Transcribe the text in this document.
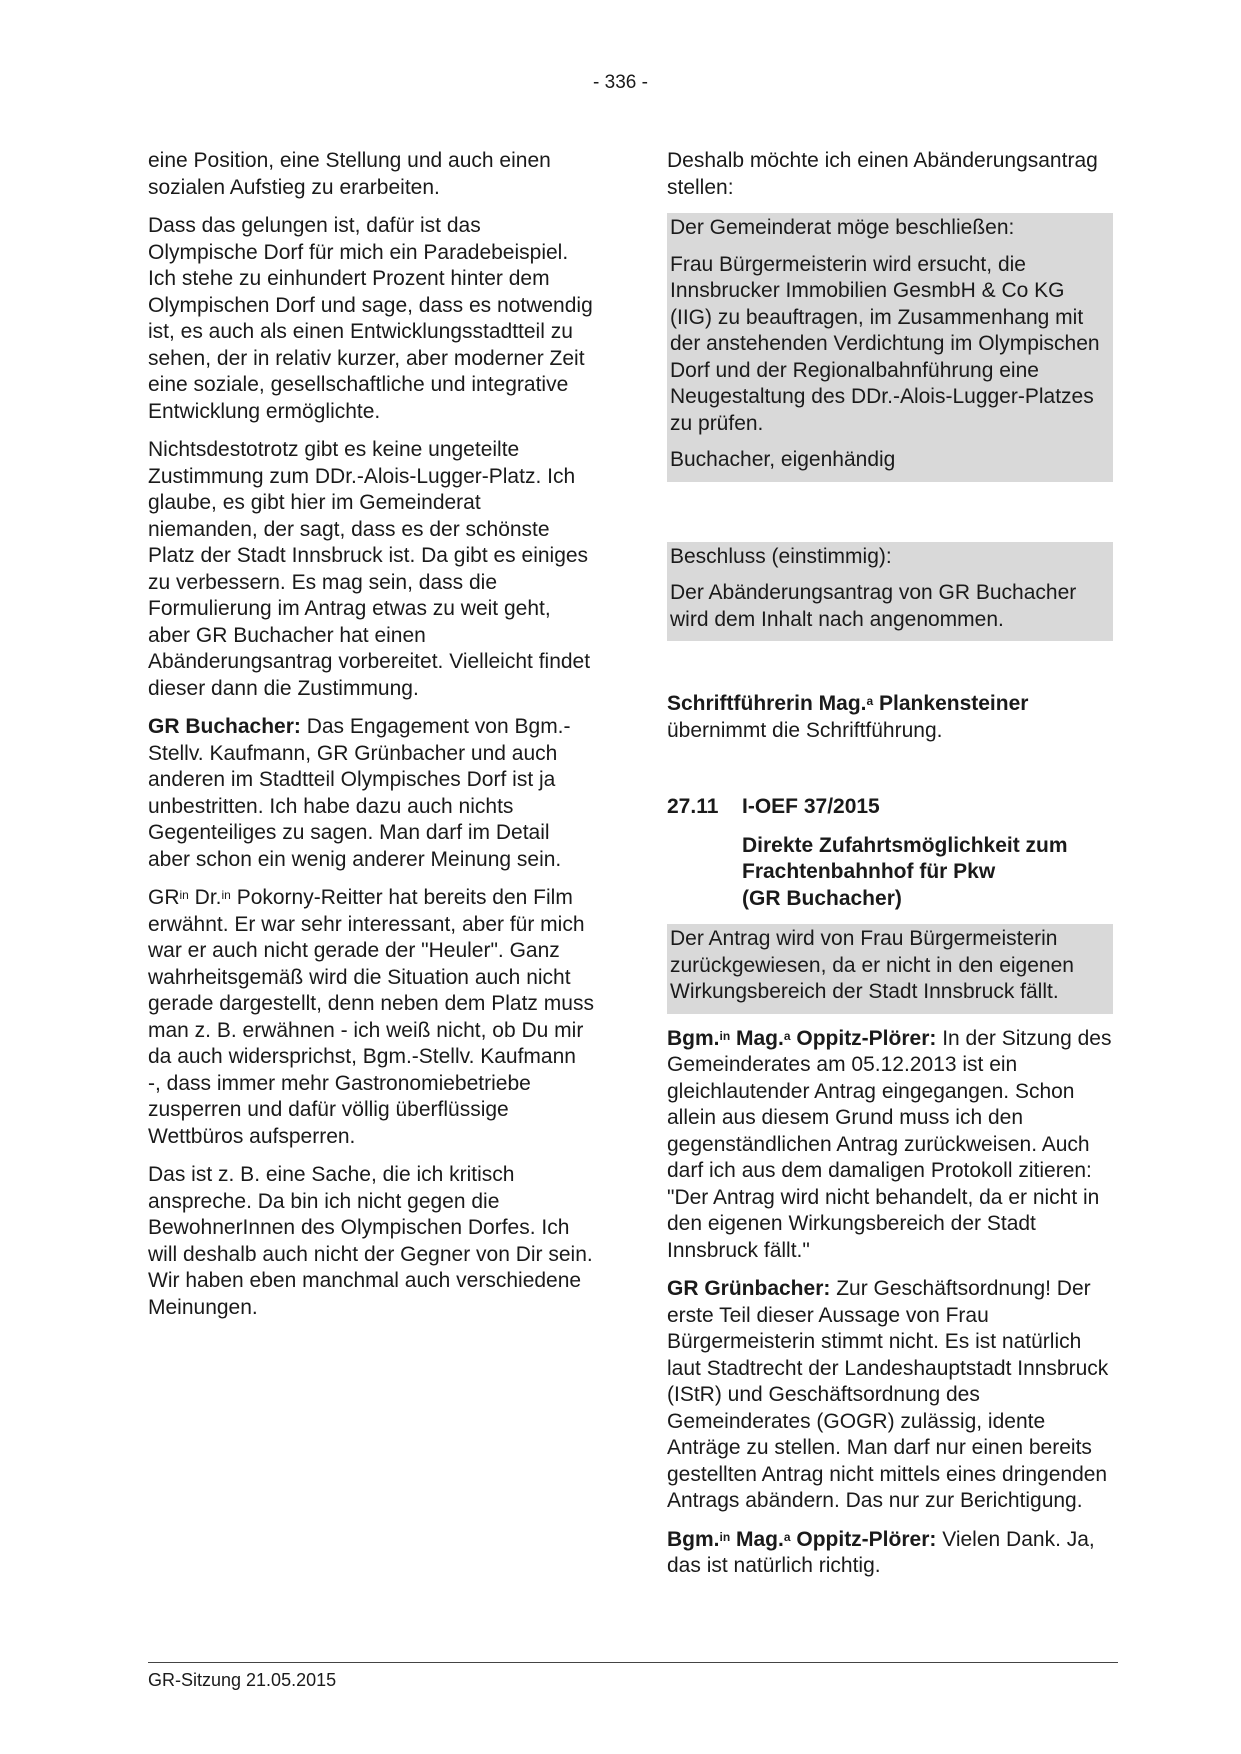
- 336 -

eine Position, eine Stellung und auch einen sozialen Aufstieg zu erarbeiten.

Dass das gelungen ist, dafür ist das Olympische Dorf für mich ein Paradebeispiel. Ich stehe zu einhundert Prozent hinter dem Olympischen Dorf und sage, dass es notwendig ist, es auch als einen Entwicklungsstadtteil zu sehen, der in relativ kurzer, aber moderner Zeit eine soziale, gesellschaftliche und integrative Entwicklung ermöglichte.

Nichtsdestotrotz gibt es keine ungeteilte Zustimmung zum DDr.-Alois-Lugger-Platz. Ich glaube, es gibt hier im Gemeinderat niemanden, der sagt, dass es der schönste Platz der Stadt Innsbruck ist. Da gibt es einiges zu verbessern. Es mag sein, dass die Formulierung im Antrag etwas zu weit geht, aber GR Buchacher hat einen Abänderungsantrag vorbereitet. Vielleicht findet dieser dann die Zustimmung.

GR Buchacher: Das Engagement von Bgm.-Stellv. Kaufmann, GR Grünbacher und auch anderen im Stadtteil Olympisches Dorf ist ja unbestritten. Ich habe dazu auch nichts Gegenteiliges zu sagen. Man darf im Detail aber schon ein wenig anderer Meinung sein.

$GR^{in}$ Dr.$^{in}$ Pokorny-Reitter hat bereits den Film erwähnt. Er war sehr interessant, aber für mich war er auch nicht gerade der "Heuler". Ganz wahrheitsgemäß wird die Situation auch nicht gerade dargestellt, denn neben dem Platz muss man z. B. erwähnen - ich weiß nicht, ob Du mir da auch widersprichst, Bgm.-Stellv. Kaufmann -, dass immer mehr Gastronomiebetriebe zusperren und dafür völlig überflüssige Wettbüros aufsperren.

Das ist z. B. eine Sache, die ich kritisch anspreche. Da bin ich nicht gegen die BewohnerInnen des Olympischen Dorfes. Ich will deshalb auch nicht der Gegner von Dir sein. Wir haben eben manchmal auch verschiedene Meinungen.

Deshalb möchte ich einen Abänderungsantrag stellen:

Der Gemeinderat möge beschließen:

Frau Bürgermeisterin wird ersucht, die Innsbrucker Immobilien GesmbH & Co KG (IIG) zu beauftragen, im Zusammenhang mit der anstehenden Verdichtung im Olympischen Dorf und der Regionalbahnführung eine Neugestaltung des DDr.-Alois-Lugger-Platzes zu prüfen.

Buchacher, eigenhändig

Beschluss (einstimmig):

Der Abänderungsantrag von GR Buchacher wird dem Inhalt nach angenommen.

Schriftführerin Mag.$^a$ Plankensteiner

übernimmt die Schriftführung.

27.11 I-OEF 37/2015

Direkte Zufahrtsmöglichkeit zum
Frachtenbahnhof für Pkw
(GR Buchacher)

Der Antrag wird von Frau Bürgermeisterin zurückgewiesen, da er nicht in den eigenen Wirkungsbereich der Stadt Innsbruck fällt.

Bgm.$^{in}$ Mag.$^a$ Oppitz-Plörer: In der Sitzung des Gemeinderates am 05.12.2013 ist ein gleichlautender Antrag eingegangen. Schon allein aus diesem Grund muss ich den gegenständlichen Antrag zurückweisen. Auch darf ich aus dem damaligen Protokoll zitieren: "Der Antrag wird nicht behandelt, da er nicht in den eigenen Wirkungsbereich der Stadt Innsbruck fällt."

GR Grünbacher: Zur Geschäftsordnung! Der erste Teil dieser Aussage von Frau Bürgermeisterin stimmt nicht. Es ist natürlich laut Stadtrecht der Landeshauptstadt Innsbruck (IStR) und Geschäftsordnung des Gemeinderates (GOGR) zulässig, idente Anträge zu stellen. Man darf nur einen bereits gestellten Antrag nicht mittels eines dringenden Antrags abändern. Das nur zur Berichtigung.

Bgm.$^{in}$ Mag.$^a$ Oppitz-Plörer: Vielen Dank. Ja, das ist natürlich richtig.

GR-Sitzung 21.05.2015
